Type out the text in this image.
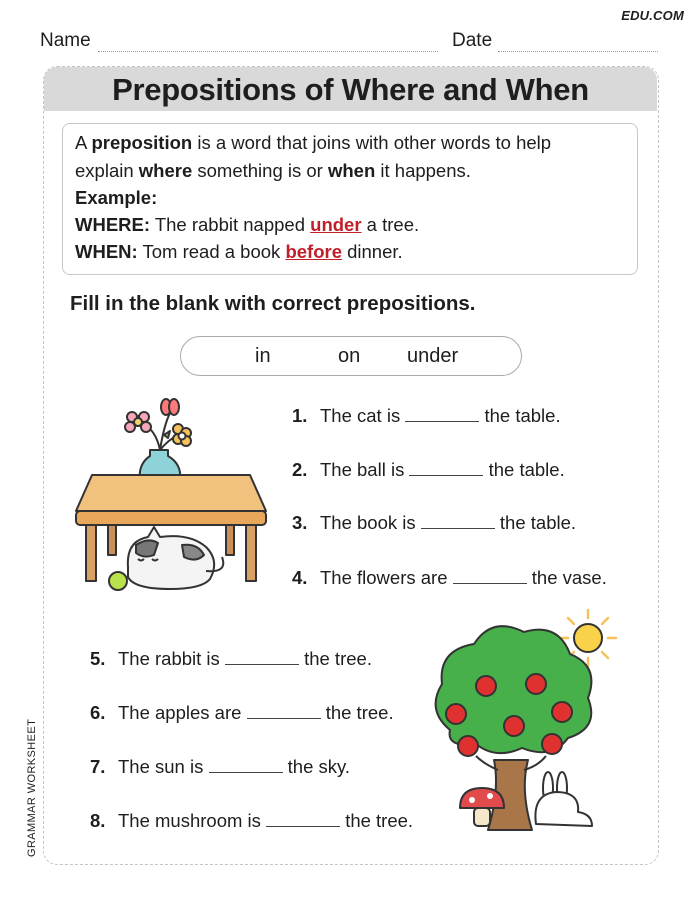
EDU.COM
Name	Date
GRAMMAR WORKSHEET
Prepositions of Where and When
A preposition is a word that joins with other words to help
explain where something is or when it happens.
Example:
WHERE: The rabbit napped under a tree.
WHEN: Tom read a book before dinner.
Fill in the blank with correct prepositions.
in	on under
1. The cat is	the table.
2. The ball is	the table.
3. The book is	the table.
4. The flowers are	the vase.
5. The rabbit is	the tree.
6. The apples are	the tree.
7. The sun is	the sky.
8. The mushroom is	the tree.
